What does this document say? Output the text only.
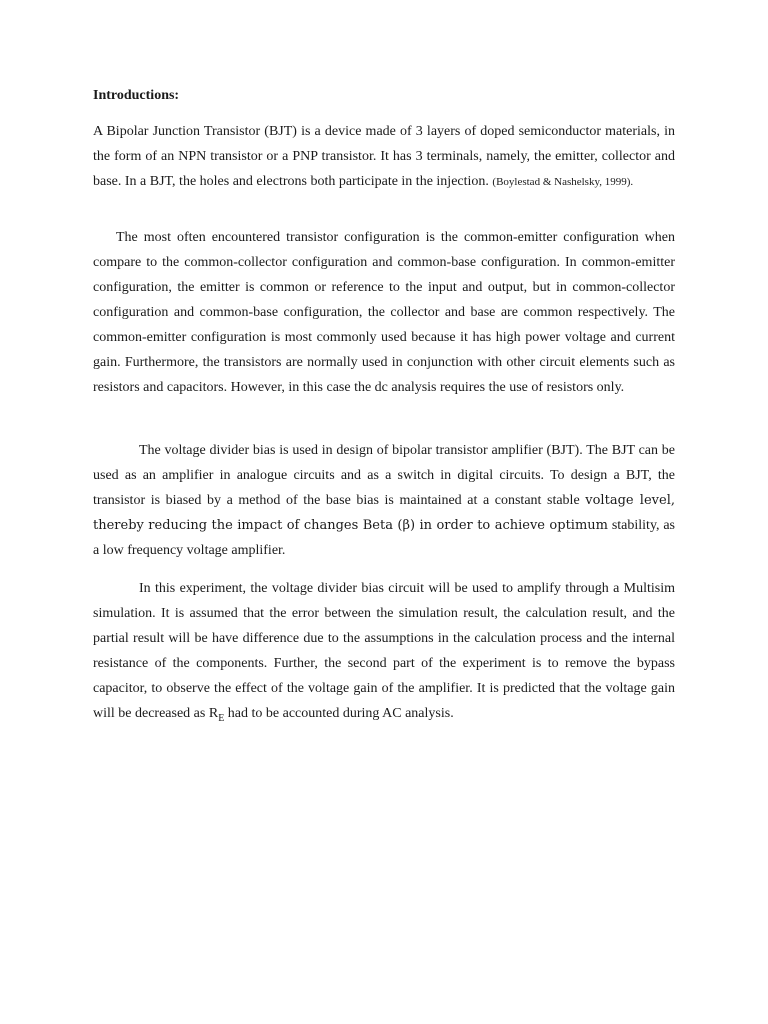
Introductions:

A Bipolar Junction Transistor (BJT) is a device made of 3 layers of doped semiconductor materials, in the form of an NPN transistor or a PNP transistor. It has 3 terminals, namely, the emitter, collector and base. In a BJT, the holes and electrons both participate in the injection. (Boylestad & Nashelsky, 1999).

The most often encountered transistor configuration is the common-emitter configuration when compare to the common-collector configuration and common-base configuration. In common-emitter configuration, the emitter is common or reference to the input and output, but in common-collector configuration and common-base configuration, the collector and base are common respectively. The common-emitter configuration is most commonly used because it has high power voltage and current gain. Furthermore, the transistors are normally used in conjunction with other circuit elements such as resistors and capacitors. However, in this case the dc analysis requires the use of resistors only.

The voltage divider bias is used in design of bipolar transistor amplifier (BJT). The BJT can be used as an amplifier in analogue circuits and as a switch in digital circuits. To design a BJT, the transistor is biased by a method of the base bias is maintained at a constant stable voltage level, thereby reducing the impact of changes Beta (β) in order to achieve optimum stability, as a low frequency voltage amplifier.

In this experiment, the voltage divider bias circuit will be used to amplify through a Multisim simulation. It is assumed that the error between the simulation result, the calculation result, and the partial result will be have difference due to the assumptions in the calculation process and the internal resistance of the components. Further, the second part of the experiment is to remove the bypass capacitor, to observe the effect of the voltage gain of the amplifier. It is predicted that the voltage gain will be decreased as $R_E$ had to be accounted during AC analysis.
